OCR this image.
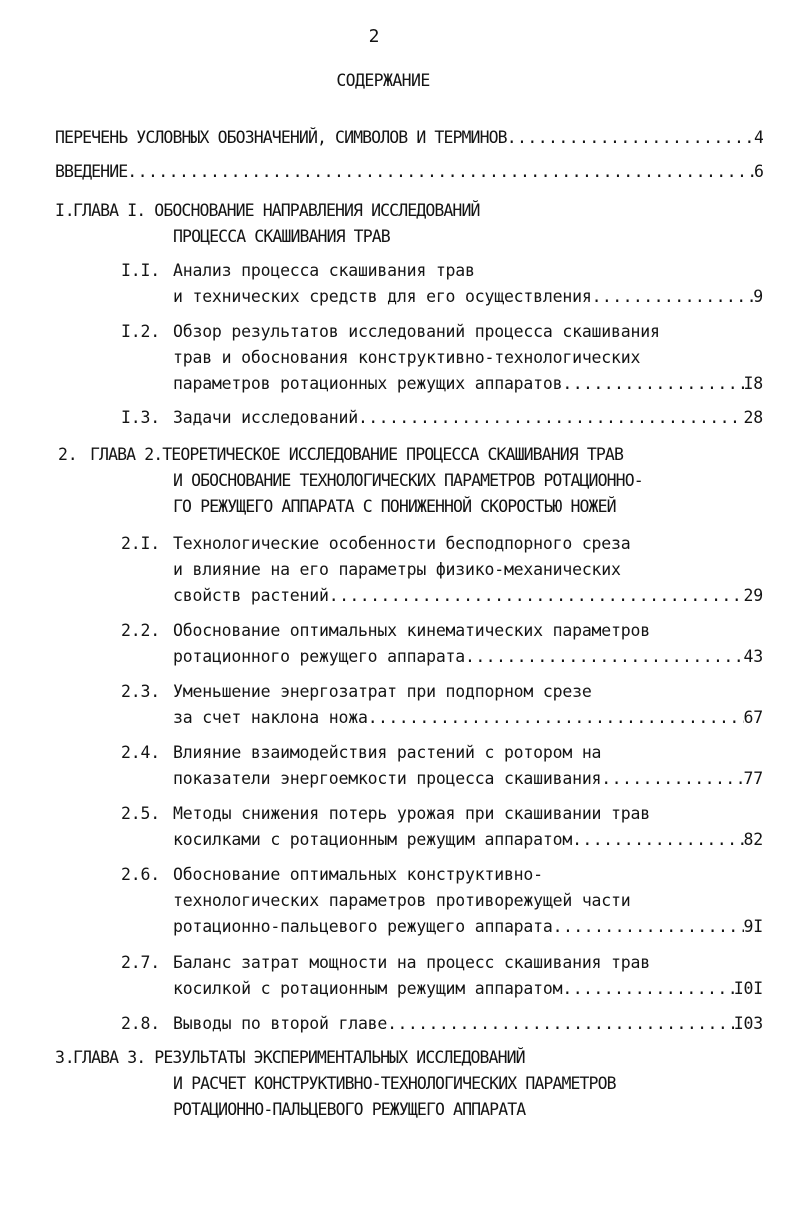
2
СОДЕРЖАНИЕ
ПЕРЕЧЕНЬ УСЛОВНЫХ ОБОЗНАЧЕНИЙ, СИМВОЛОВ И ТЕРМИНОВ .....	4
ВВЕДЕНИЕ .....	6
I.
ГЛАВА I. ОБОСНОВАНИЕ НАПРАВЛЕНИЯ ИССЛЕДОВАНИЙ
ПРОЦЕССА СКАШИВАНИЯ ТРАВ
I.I. Анализ процесса скашивания трав
и технических средств для его осуществления .....	9
I.2. Обзор результатов исследований процесса скашивания
трав и обоснования конструктивно-технологических
параметров ротационных режущих аппаратов .....	I8
I.3. Задачи исследований .....	28
2. ГЛАВА 2.ТЕОРЕТИЧЕСКОЕ ИССЛЕДОВАНИЕ ПРОЦЕССА СКАШИВАНИЯ ТРАВ
И ОБОСНОВАНИЕ ТЕХНОЛОГИЧЕСКИХ ПАРАМЕТРОВ РОТАЦИОННО-
ГО РЕЖУЩЕГО АППАРАТА С ПОНИЖЕННОЙ СКОРОСТЬЮ НОЖЕЙ
2.I. Технологические особенности бесподпорного среза
и влияние на его параметры физико-механических
свойств растений .....	29
2.2. Обоснование оптимальных кинематических параметров
ротационного режущего аппарата .....	43
2.3. Уменьшение энергозатрат при подпорном срезе
за счет наклона ножа .....	67
2.4. Влияние взаимодействия растений с ротором на
показатели энергоемкости процесса скашивания .....	77
2.5. Методы снижения потерь урожая при скашивании трав
косилками с ротационным режущим аппаратом .....	82
2.6. Обоснование оптимальных конструктивно-
технологических параметров противорежущей части
ротационно-пальцевого режущего аппарата .....	9I
2.7. Баланс затрат мощности на процесс скашивания трав
косилкой с ротационным режущим аппаратом .....	I0I
2.8. Выводы по второй главе .....	I03
3.
ГЛАВА 3. РЕЗУЛЬТАТЫ ЭКСПЕРИМЕНТАЛЬНЫХ ИССЛЕДОВАНИЙ
И РАСЧЕТ КОНСТРУКТИВНО-ТЕХНОЛОГИЧЕСКИХ ПАРАМЕТРОВ
РОТАЦИОННО-ПАЛЬЦЕВОГО РЕЖУЩЕГО АППАРАТА
